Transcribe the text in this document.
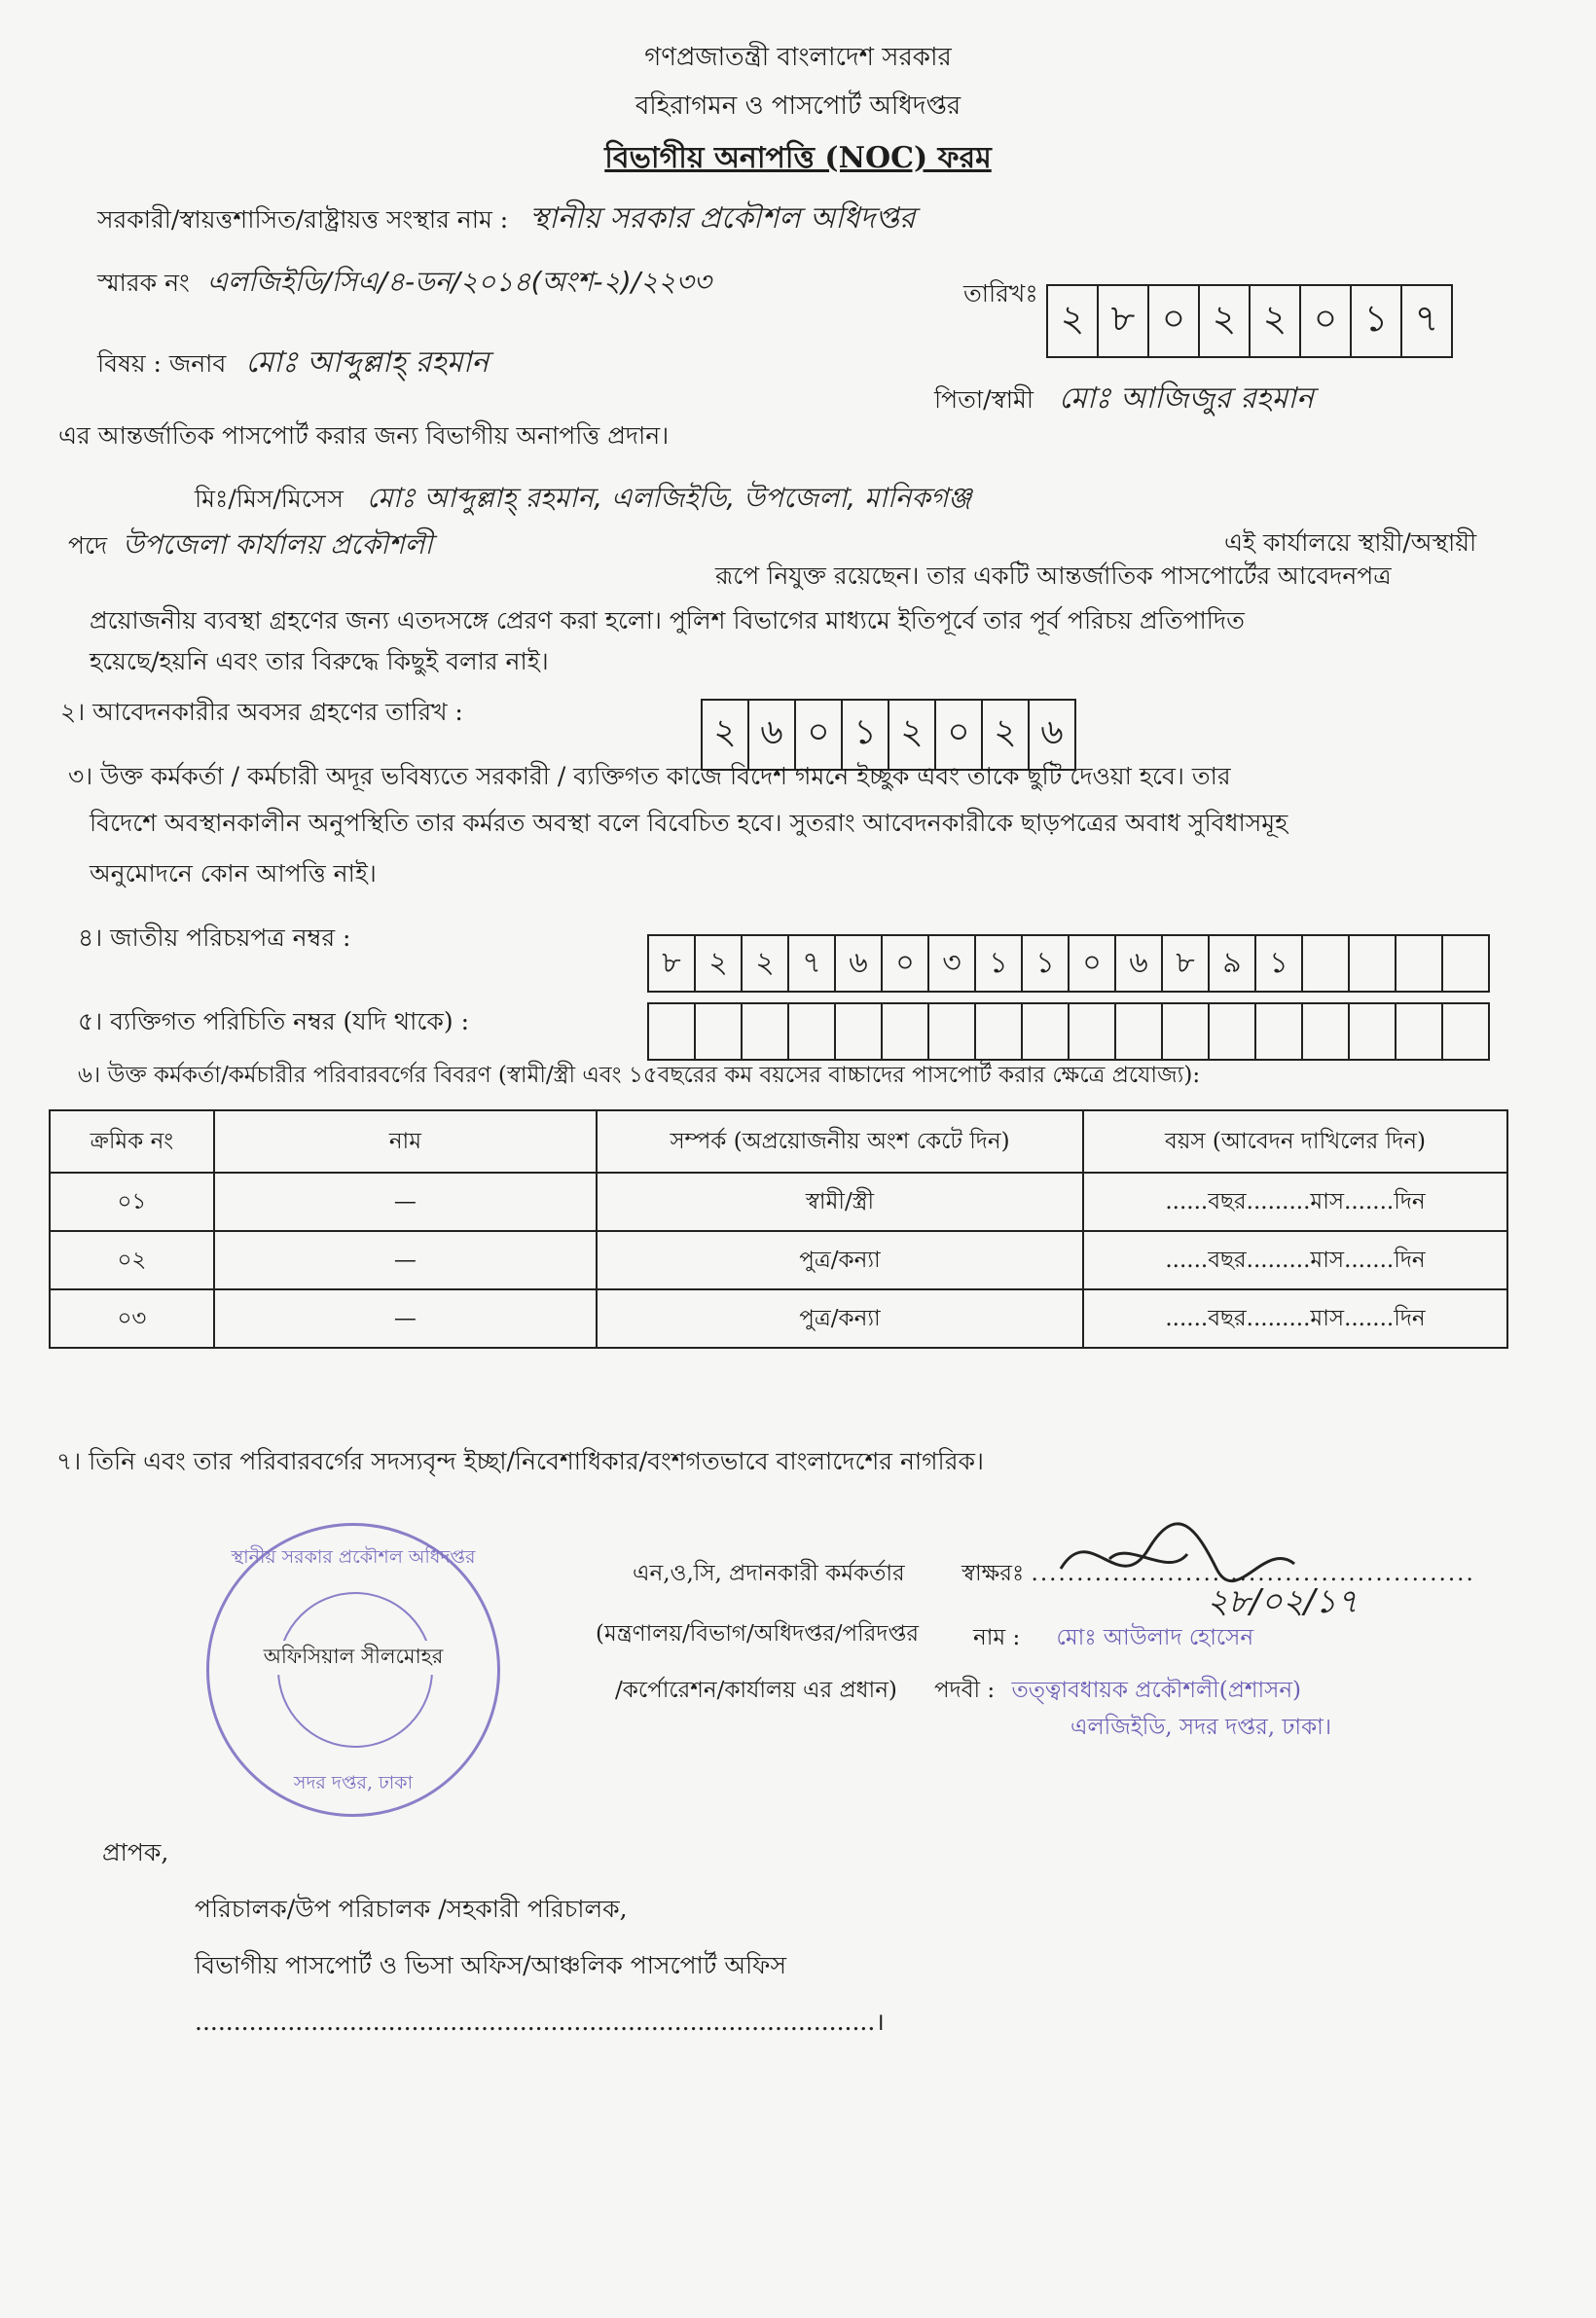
গণপ্রজাতন্ত্রী বাংলাদেশ সরকার
বহিরাগমন ও পাসপোর্ট অধিদপ্তর
বিভাগীয় অনাপত্তি (NOC) ফরম
সরকারী/স্বায়ত্তশাসিত/রাষ্ট্রায়ত্ত সংস্থার নাম : স্থানীয় সরকার প্রকৌশল অধিদপ্তর
স্মারক নং এলজিইডি/সিএ/৪-ডন/২০১৪(অংশ-২)/২২৩৩	তারিখঃ
২ ৮ ০ ২ ২ ০ ১ ৭
বিষয় : জনাব মোঃ আব্দুল্লাহ্ রহমান
পিতা/স্বামী মোঃ আজিজুর রহমান
এর আন্তর্জাতিক পাসপোর্ট করার জন্য বিভাগীয় অনাপত্তি প্রদান।
মিঃ/মিস/মিসেস মোঃ আব্দুল্লাহ্ রহমান, এলজিইডি, উপজেলা, মানিকগঞ্জ
এই কার্যালয়ে স্থায়ী/অস্থায়ী
পদে উপজেলা কার্যালয় প্রকৌশলী
রূপে নিযুক্ত রয়েছেন। তার একটি আন্তর্জাতিক পাসপোর্টের আবেদনপত্র
প্রয়োজনীয় ব্যবস্থা গ্রহণের জন্য এতদসঙ্গে প্রেরণ করা হলো। পুলিশ বিভাগের মাধ্যমে ইতিপূর্বে তার পূর্ব পরিচয় প্রতিপাদিত
হয়েছে/হয়নি এবং তার বিরুদ্ধে কিছুই বলার নাই।
২। আবেদনকারীর অবসর গ্রহণের তারিখ :
২ ৬ ০ ১ ২ ০ ২ ৬
৩। উক্ত কর্মকর্তা / কর্মচারী অদূর ভবিষ্যতে সরকারী / ব্যক্তিগত কাজে বিদেশ গমনে ইচ্ছুক এবং তাকে ছুটি দেওয়া হবে। তার
বিদেশে অবস্থানকালীন অনুপস্থিতি তার কর্মরত অবস্থা বলে বিবেচিত হবে। সুতরাং আবেদনকারীকে ছাড়পত্রের অবাধ সুবিধাসমূহ
অনুমোদনে কোন আপত্তি নাই।
৪। জাতীয় পরিচয়পত্র নম্বর :
৮ ২ ২ ৭ ৬ ০ ৩ ১ ১ ০ ৬ ৮ ৯ ১
৫। ব্যক্তিগত পরিচিতি নম্বর (যদি থাকে) :
৬। উক্ত কর্মকর্তা/কর্মচারীর পরিবারবর্গের বিবরণ (স্বামী/স্ত্রী এবং ১৫বছরের কম বয়সের বাচ্চাদের পাসপোর্ট করার ক্ষেত্রে প্রযোজ্য):
ক্রমিক নং	নাম	সম্পর্ক (অপ্রয়োজনীয় অংশ কেটে দিন)	বয়স (আবেদন দাখিলের দিন)
০১	—	স্বামী/স্ত্রী	......বছর.........মাস.......দিন
০২	—	পুত্র/কন্যা	......বছর.........মাস.......দিন
০৩	—	পুত্র/কন্যা	......বছর.........মাস.......দিন
৭। তিনি এবং তার পরিবারবর্গের সদস্যবৃন্দ ইচ্ছা/নিবেশাধিকার/বংশগতভাবে বাংলাদেশের নাগরিক।
স্থানীয় সরকার প্রকৌশল অধিদপ্তর
অফিসিয়াল সীলমোহর
সদর দপ্তর, ঢাকা
এন,ও,সি, প্রদানকারী কর্মকর্তার
(মন্ত্রণালয়/বিভাগ/অধিদপ্তর/পরিদপ্তর
/কর্পোরেশন/কার্যালয় এর প্রধান)
স্বাক্ষরঃ .................................................
২৮/০২/১৭
নাম : মোঃ আউলাদ হোসেন
পদবী : তত্ত্বাবধায়ক প্রকৌশলী(প্রশাসন)
এলজিইডি, সদর দপ্তর, ঢাকা।
প্রাপক,
পরিচালক/উপ পরিচালক /সহকারী পরিচালক,
বিভাগীয় পাসপোর্ট ও ভিসা অফিস/আঞ্চলিক পাসপোর্ট অফিস
........................................................................................।
